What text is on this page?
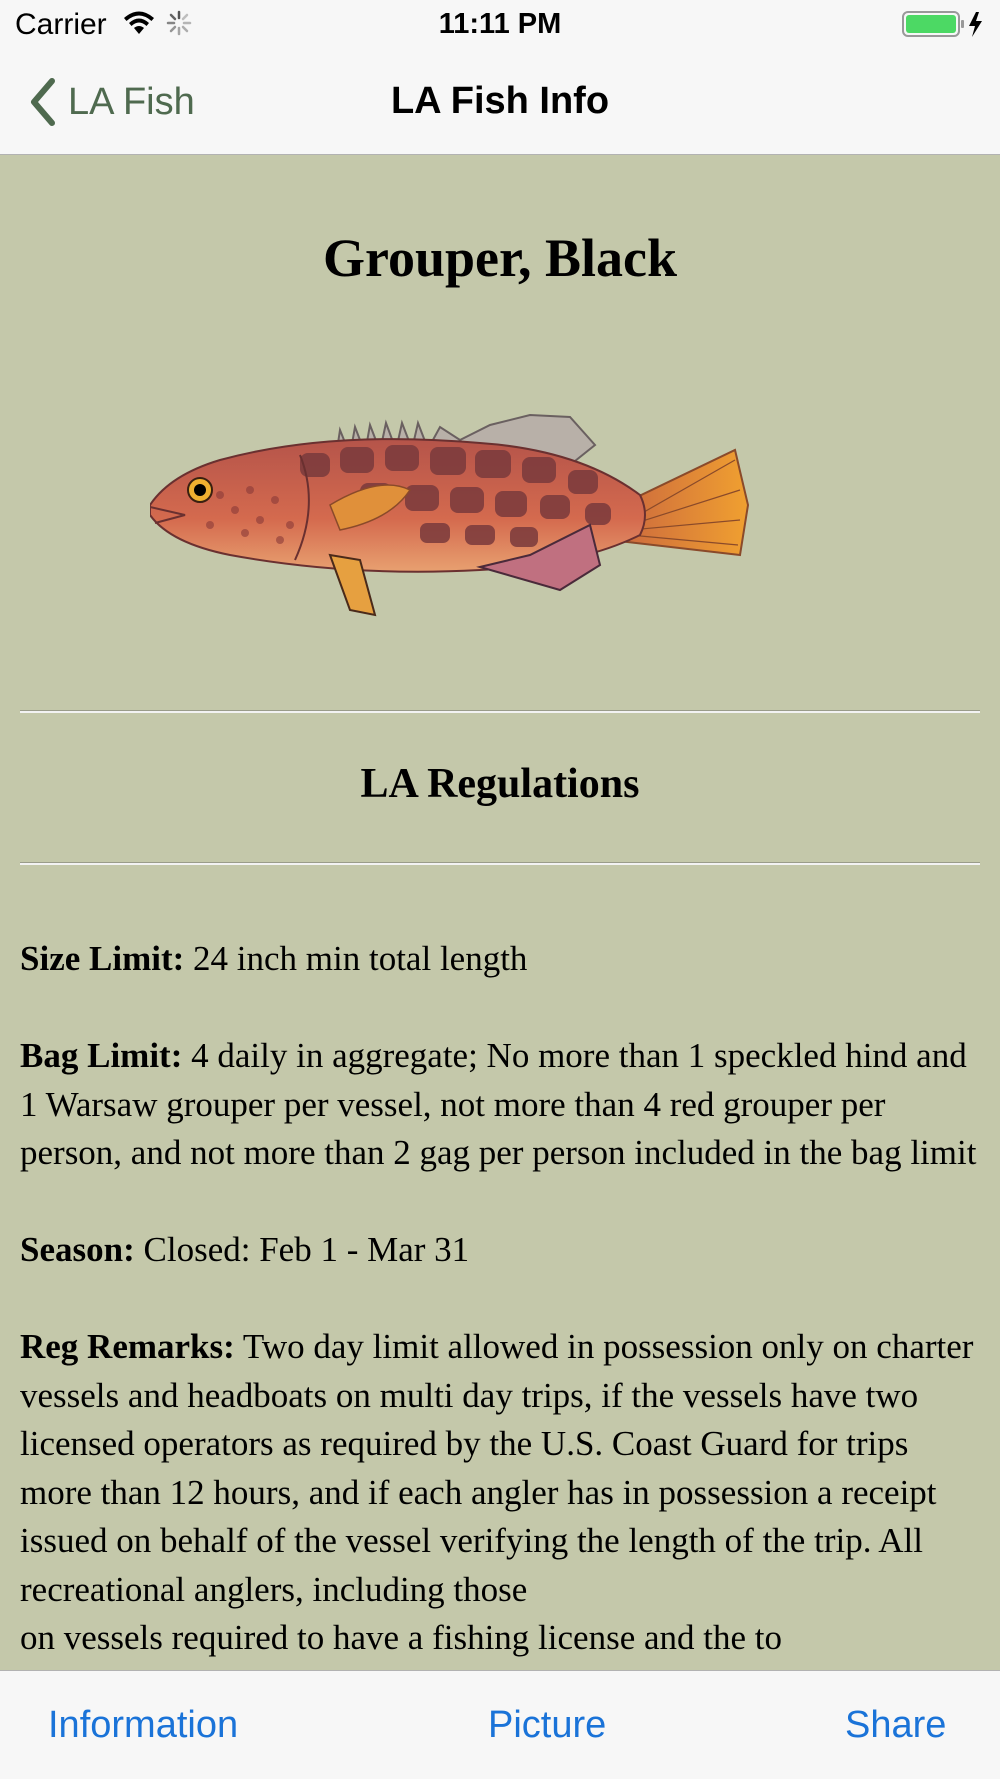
Carrier	11:11 PM
LA Fish	LA Fish Info
Grouper, Black
LA Regulations

Size Limit: 24 inch min total length

Bag Limit: 4 daily in aggregate; No more than 1 speckled hind and 1 Warsaw grouper per vessel, not more than 4 red grouper per person, and not more than 2 gag per person included in the bag limit

Season: Closed: Feb 1 - Mar 31

Reg Remarks: Two day limit allowed in possession only on charter vessels and headboats on multi day trips, if the vessels have two licensed operators as required by the U.S. Coast Guard for trips more than 12 hours, and if each angler has in possession a receipt issued on behalf of the vessel verifying the length of the trip. All recreational anglers, including those on vessels required to have a fishing license and the to

Information	Picture	Share
